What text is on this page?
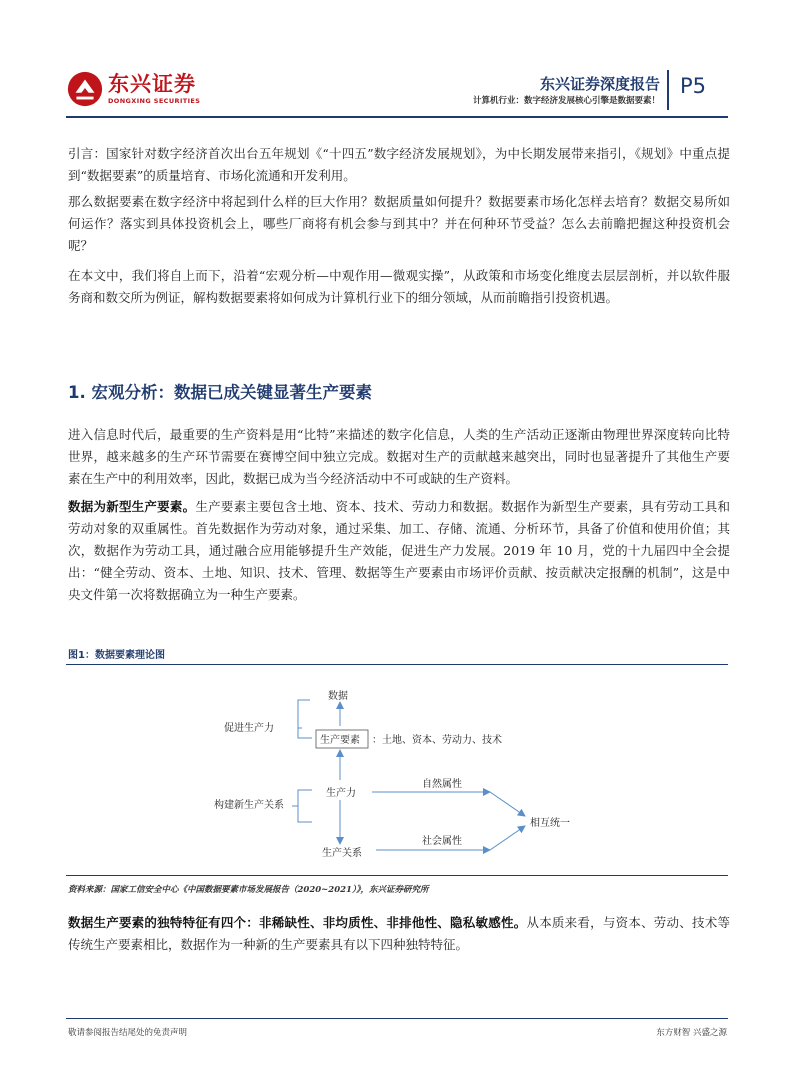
东兴证券
DONGXING SECURITIES
东兴证券深度报告
计算机行业：数字经济发展核心引擎是数据要素！
P5

引言：国家针对数字经济首次出台五年规划《“十四五”数字经济发展规划》，为中长期发展带来指引，《规划》中重点提到“数据要素”的质量培育、市场化流通和开发利用。

那么数据要素在数字经济中将起到什么样的巨大作用？数据质量如何提升？数据要素市场化怎样去培育？数据交易所如何运作？落实到具体投资机会上，哪些厂商将有机会参与到其中？并在何种环节受益？怎么去前瞻把握这种投资机会呢？

在本文中，我们将自上而下，沿着“宏观分析—中观作用—微观实操”，从政策和市场变化维度去层层剖析，并以软件服务商和数交所为例证，解构数据要素将如何成为计算机行业下的细分领域，从而前瞻指引投资机遇。

1. 宏观分析：数据已成关键显著生产要素

进入信息时代后，最重要的生产资料是用“比特”来描述的数字化信息，人类的生产活动正逐渐由物理世界深度转向比特世界，越来越多的生产环节需要在赛博空间中独立完成。数据对生产的贡献越来越突出，同时也显著提升了其他生产要素在生产中的利用效率，因此，数据已成为当今经济活动中不可或缺的生产资料。

数据为新型生产要素。生产要素主要包含土地、资本、技术、劳动力和数据。数据作为新型生产要素，具有劳动工具和劳动对象的双重属性。首先数据作为劳动对象，通过采集、加工、存储、流通、分析环节，具备了价值和使用价值；其次，数据作为劳动工具，通过融合应用能够提升生产效能，促进生产力发展。2019 年 10 月，党的十九届四中全会提出：“健全劳动、资本、土地、知识、技术、管理、数据等生产要素由市场评价贡献、按贡献决定报酬的机制”，这是中央文件第一次将数据确立为一种生产要素。

图1：数据要素理论图
数据
促进生产力
生产要素 ：土地、资本、劳动力、技术
生产力
构建新生产关系
生产关系
自然属性
社会属性
相互统一
资料来源：国家工信安全中心《中国数据要素市场发展报告（2020~2021）》，东兴证券研究所

数据生产要素的独特特征有四个：非稀缺性、非均质性、非排他性、隐私敏感性。从本质来看，与资本、劳动、技术等传统生产要素相比，数据作为一种新的生产要素具有以下四种独特特征。

敬请参阅报告结尾处的免责声明	东方财智 兴盛之源
